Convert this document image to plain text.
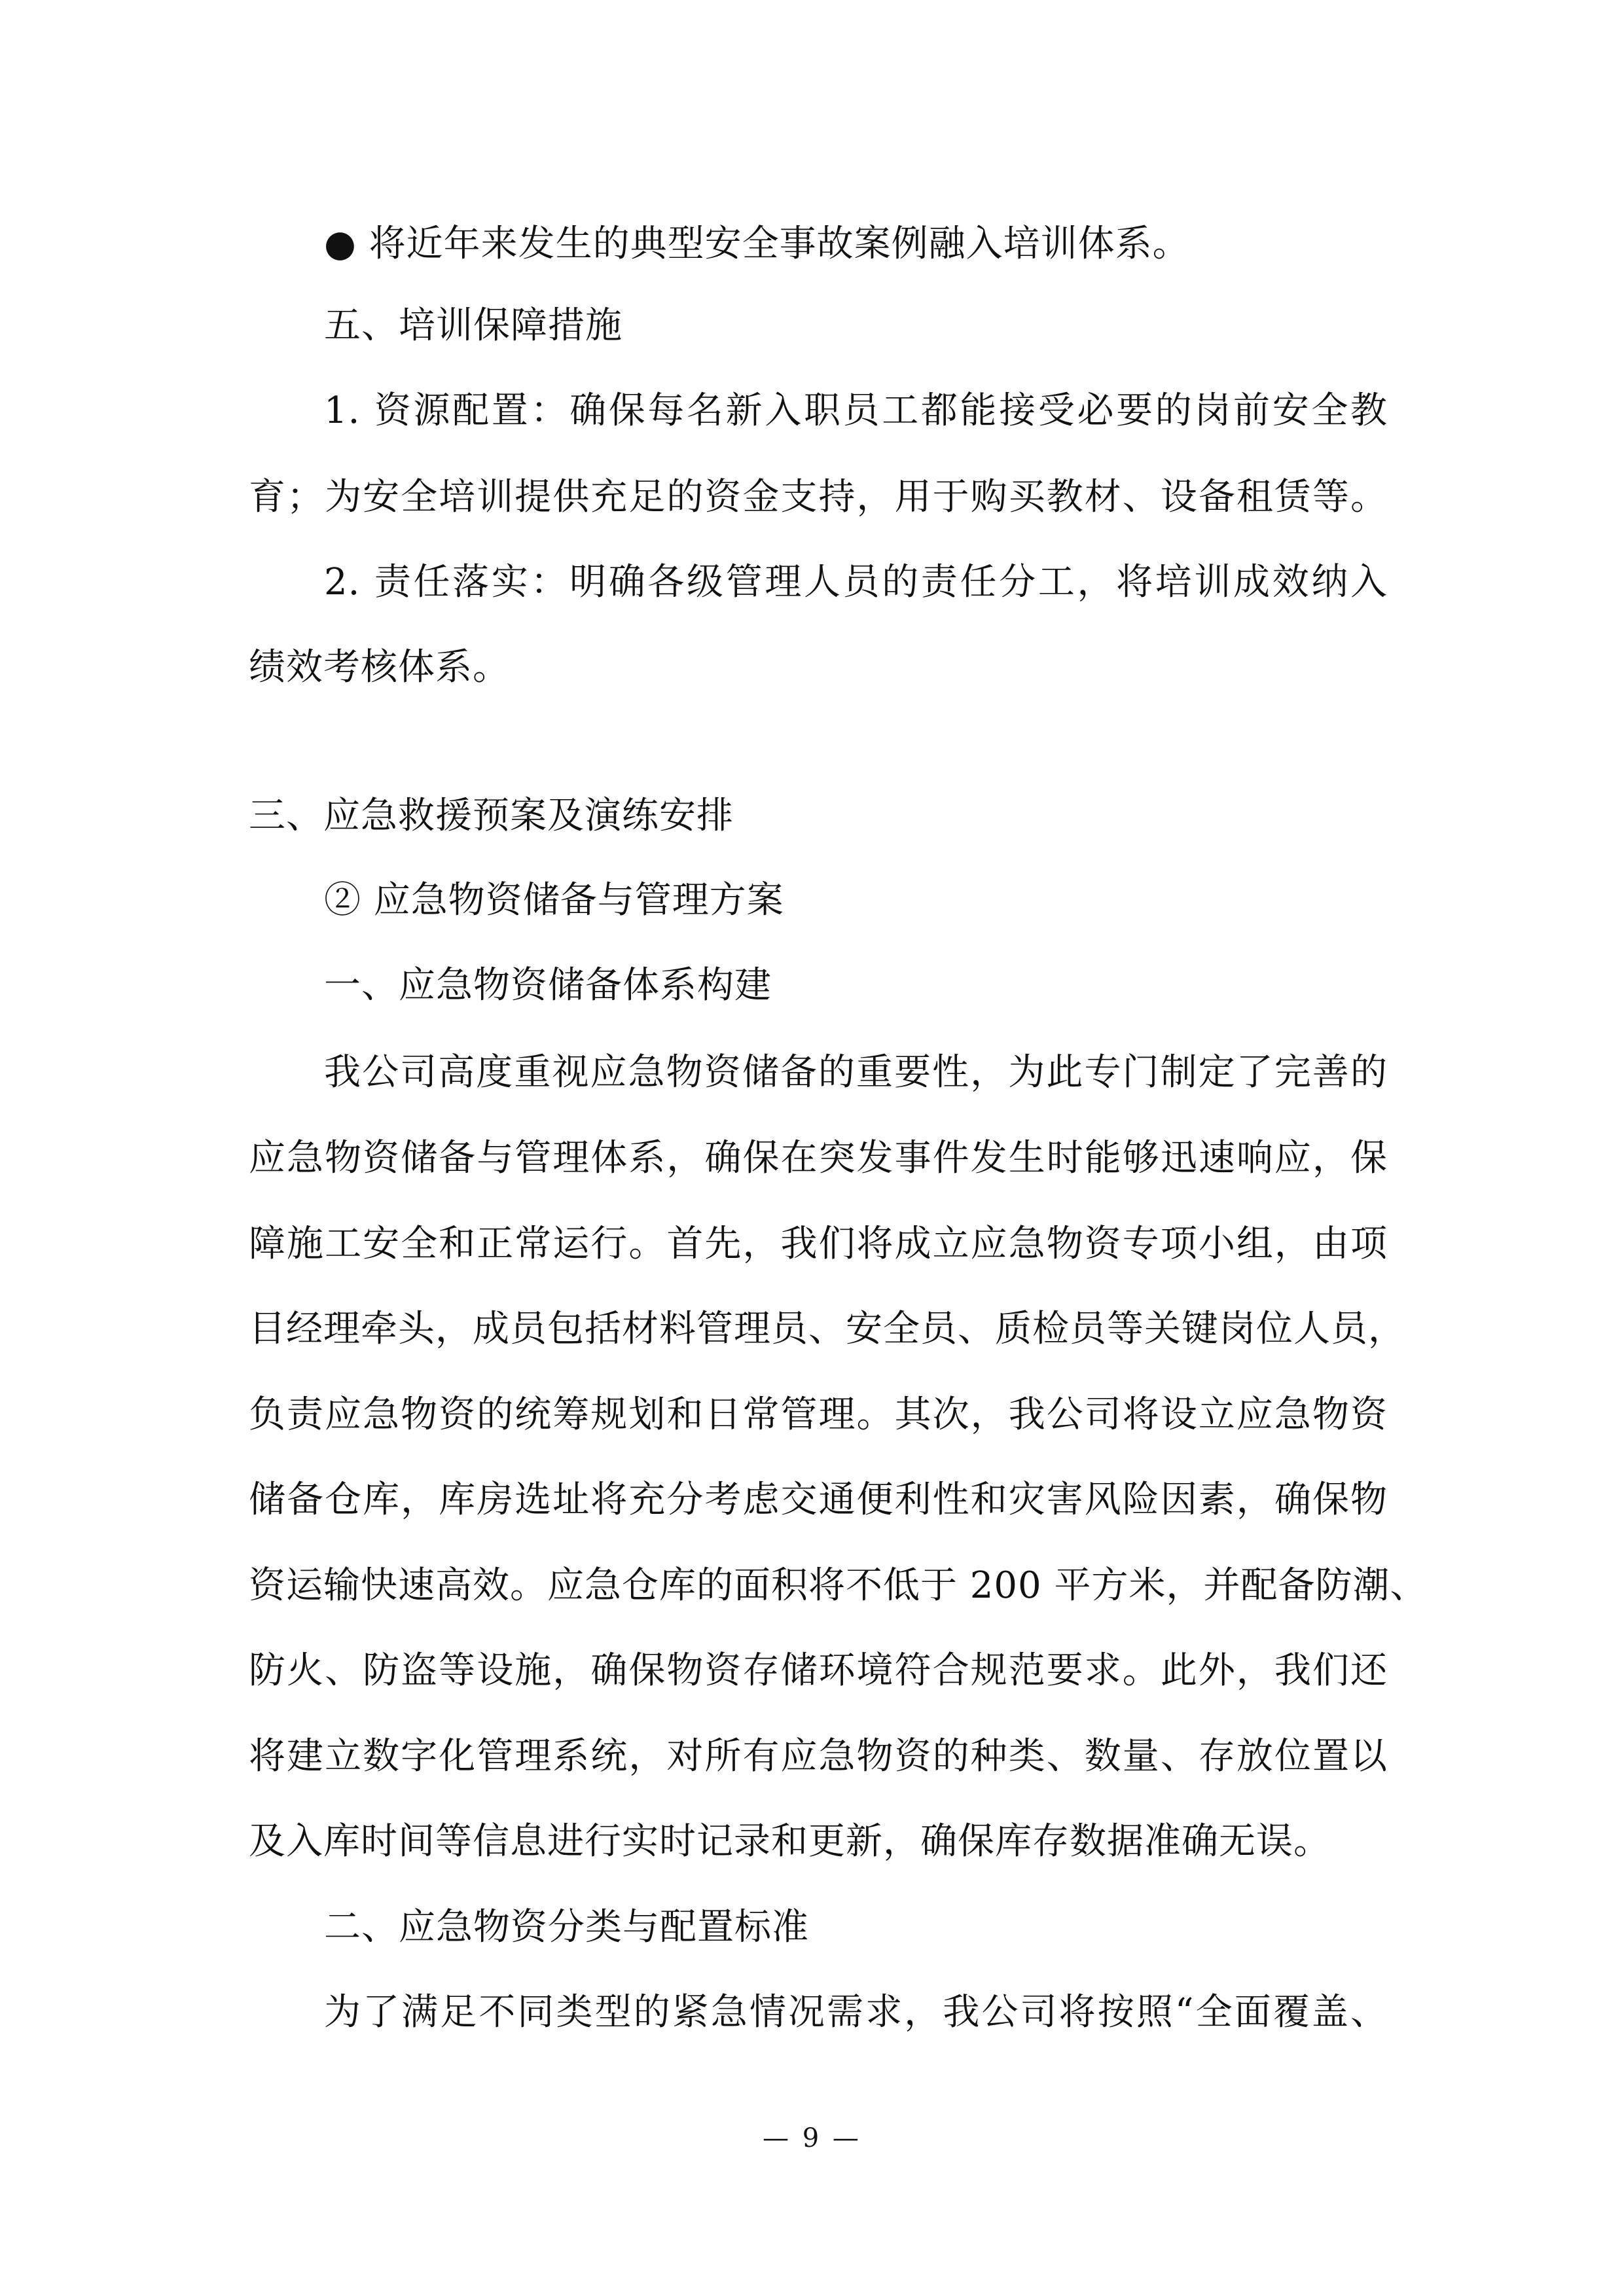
● 将近年来发生的典型安全事故案例融入培训体系。
五、培训保障措施
1. 资源配置：确保每名新入职员工都能接受必要的岗前安全教
育；为安全培训提供充足的资金支持，用于购买教材、设备租赁等。
2. 责任落实：明确各级管理人员的责任分工，将培训成效纳入
绩效考核体系。
三、应急救援预案及演练安排
② 应急物资储备与管理方案
一、应急物资储备体系构建
我公司高度重视应急物资储备的重要性，为此专门制定了完善的
应急物资储备与管理体系，确保在突发事件发生时能够迅速响应，保
障施工安全和正常运行。首先，我们将成立应急物资专项小组，由项
目经理牵头，成员包括材料管理员、安全员、质检员等关键岗位人员，
负责应急物资的统筹规划和日常管理。其次，我公司将设立应急物资
储备仓库，库房选址将充分考虑交通便利性和灾害风险因素，确保物
资运输快速高效。应急仓库的面积将不低于 200 平方米，并配备防潮、
防火、防盗等设施，确保物资存储环境符合规范要求。此外，我们还
将建立数字化管理系统，对所有应急物资的种类、数量、存放位置以
及入库时间等信息进行实时记录和更新，确保库存数据准确无误。
二、应急物资分类与配置标准
为了满足不同类型的紧急情况需求，我公司将按照“全面覆盖、
— 9 —
